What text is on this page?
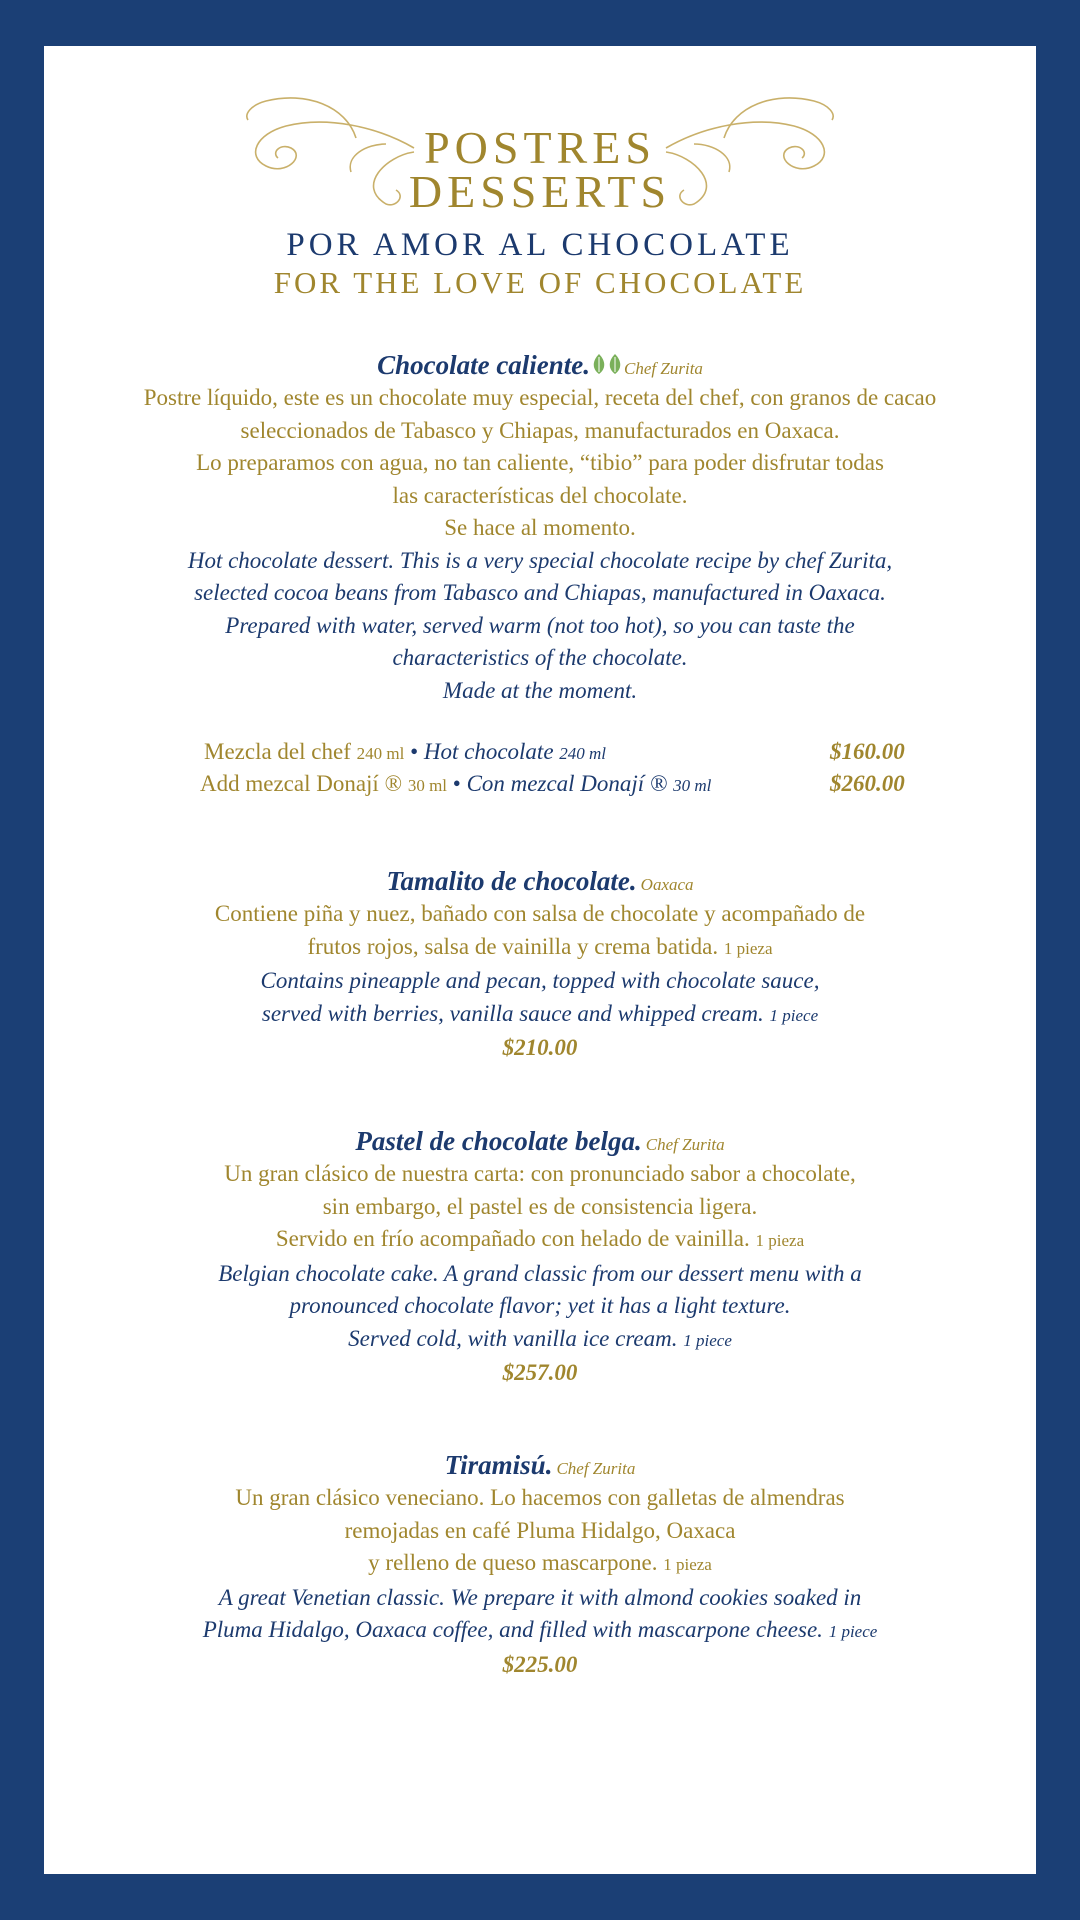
POSTRES
DESSERTS
POR AMOR AL CHOCOLATE
FOR THE LOVE OF CHOCOLATE
Chocolate caliente. Chef Zurita
Postre líquido, este es un chocolate muy especial, receta del chef, con granos de cacao
seleccionados de Tabasco y Chiapas, manufacturados en Oaxaca.
Lo preparamos con agua, no tan caliente, “tibio” para poder disfrutar todas
las características del chocolate.
Se hace al momento.
Hot chocolate dessert. This is a very special chocolate recipe by chef Zurita,
selected cocoa beans from Tabasco and Chiapas, manufactured in Oaxaca.
Prepared with water, served warm (not too hot), so you can taste the
characteristics of the chocolate.
Made at the moment.
Mezcla del chef 240 ml • Hot chocolate 240 ml	$160.00
Add mezcal Donají ® 30 ml • Con mezcal Donají ® 30 ml	$260.00
Tamalito de chocolate. Oaxaca
Contiene piña y nuez, bañado con salsa de chocolate y acompañado de
frutos rojos, salsa de vainilla y crema batida. 1 pieza
Contains pineapple and pecan, topped with chocolate sauce,
served with berries, vanilla sauce and whipped cream. 1 piece
$210.00
Pastel de chocolate belga. Chef Zurita
Un gran clásico de nuestra carta: con pronunciado sabor a chocolate,
sin embargo, el pastel es de consistencia ligera.
Servido en frío acompañado con helado de vainilla. 1 pieza
Belgian chocolate cake. A grand classic from our dessert menu with a
pronounced chocolate flavor; yet it has a light texture.
Served cold, with vanilla ice cream. 1 piece
$257.00
Tiramisú. Chef Zurita
Un gran clásico veneciano. Lo hacemos con galletas de almendras
remojadas en café Pluma Hidalgo, Oaxaca
y relleno de queso mascarpone. 1 pieza
A great Venetian classic. We prepare it with almond cookies soaked in
Pluma Hidalgo, Oaxaca coffee, and filled with mascarpone cheese. 1 piece
$225.00
